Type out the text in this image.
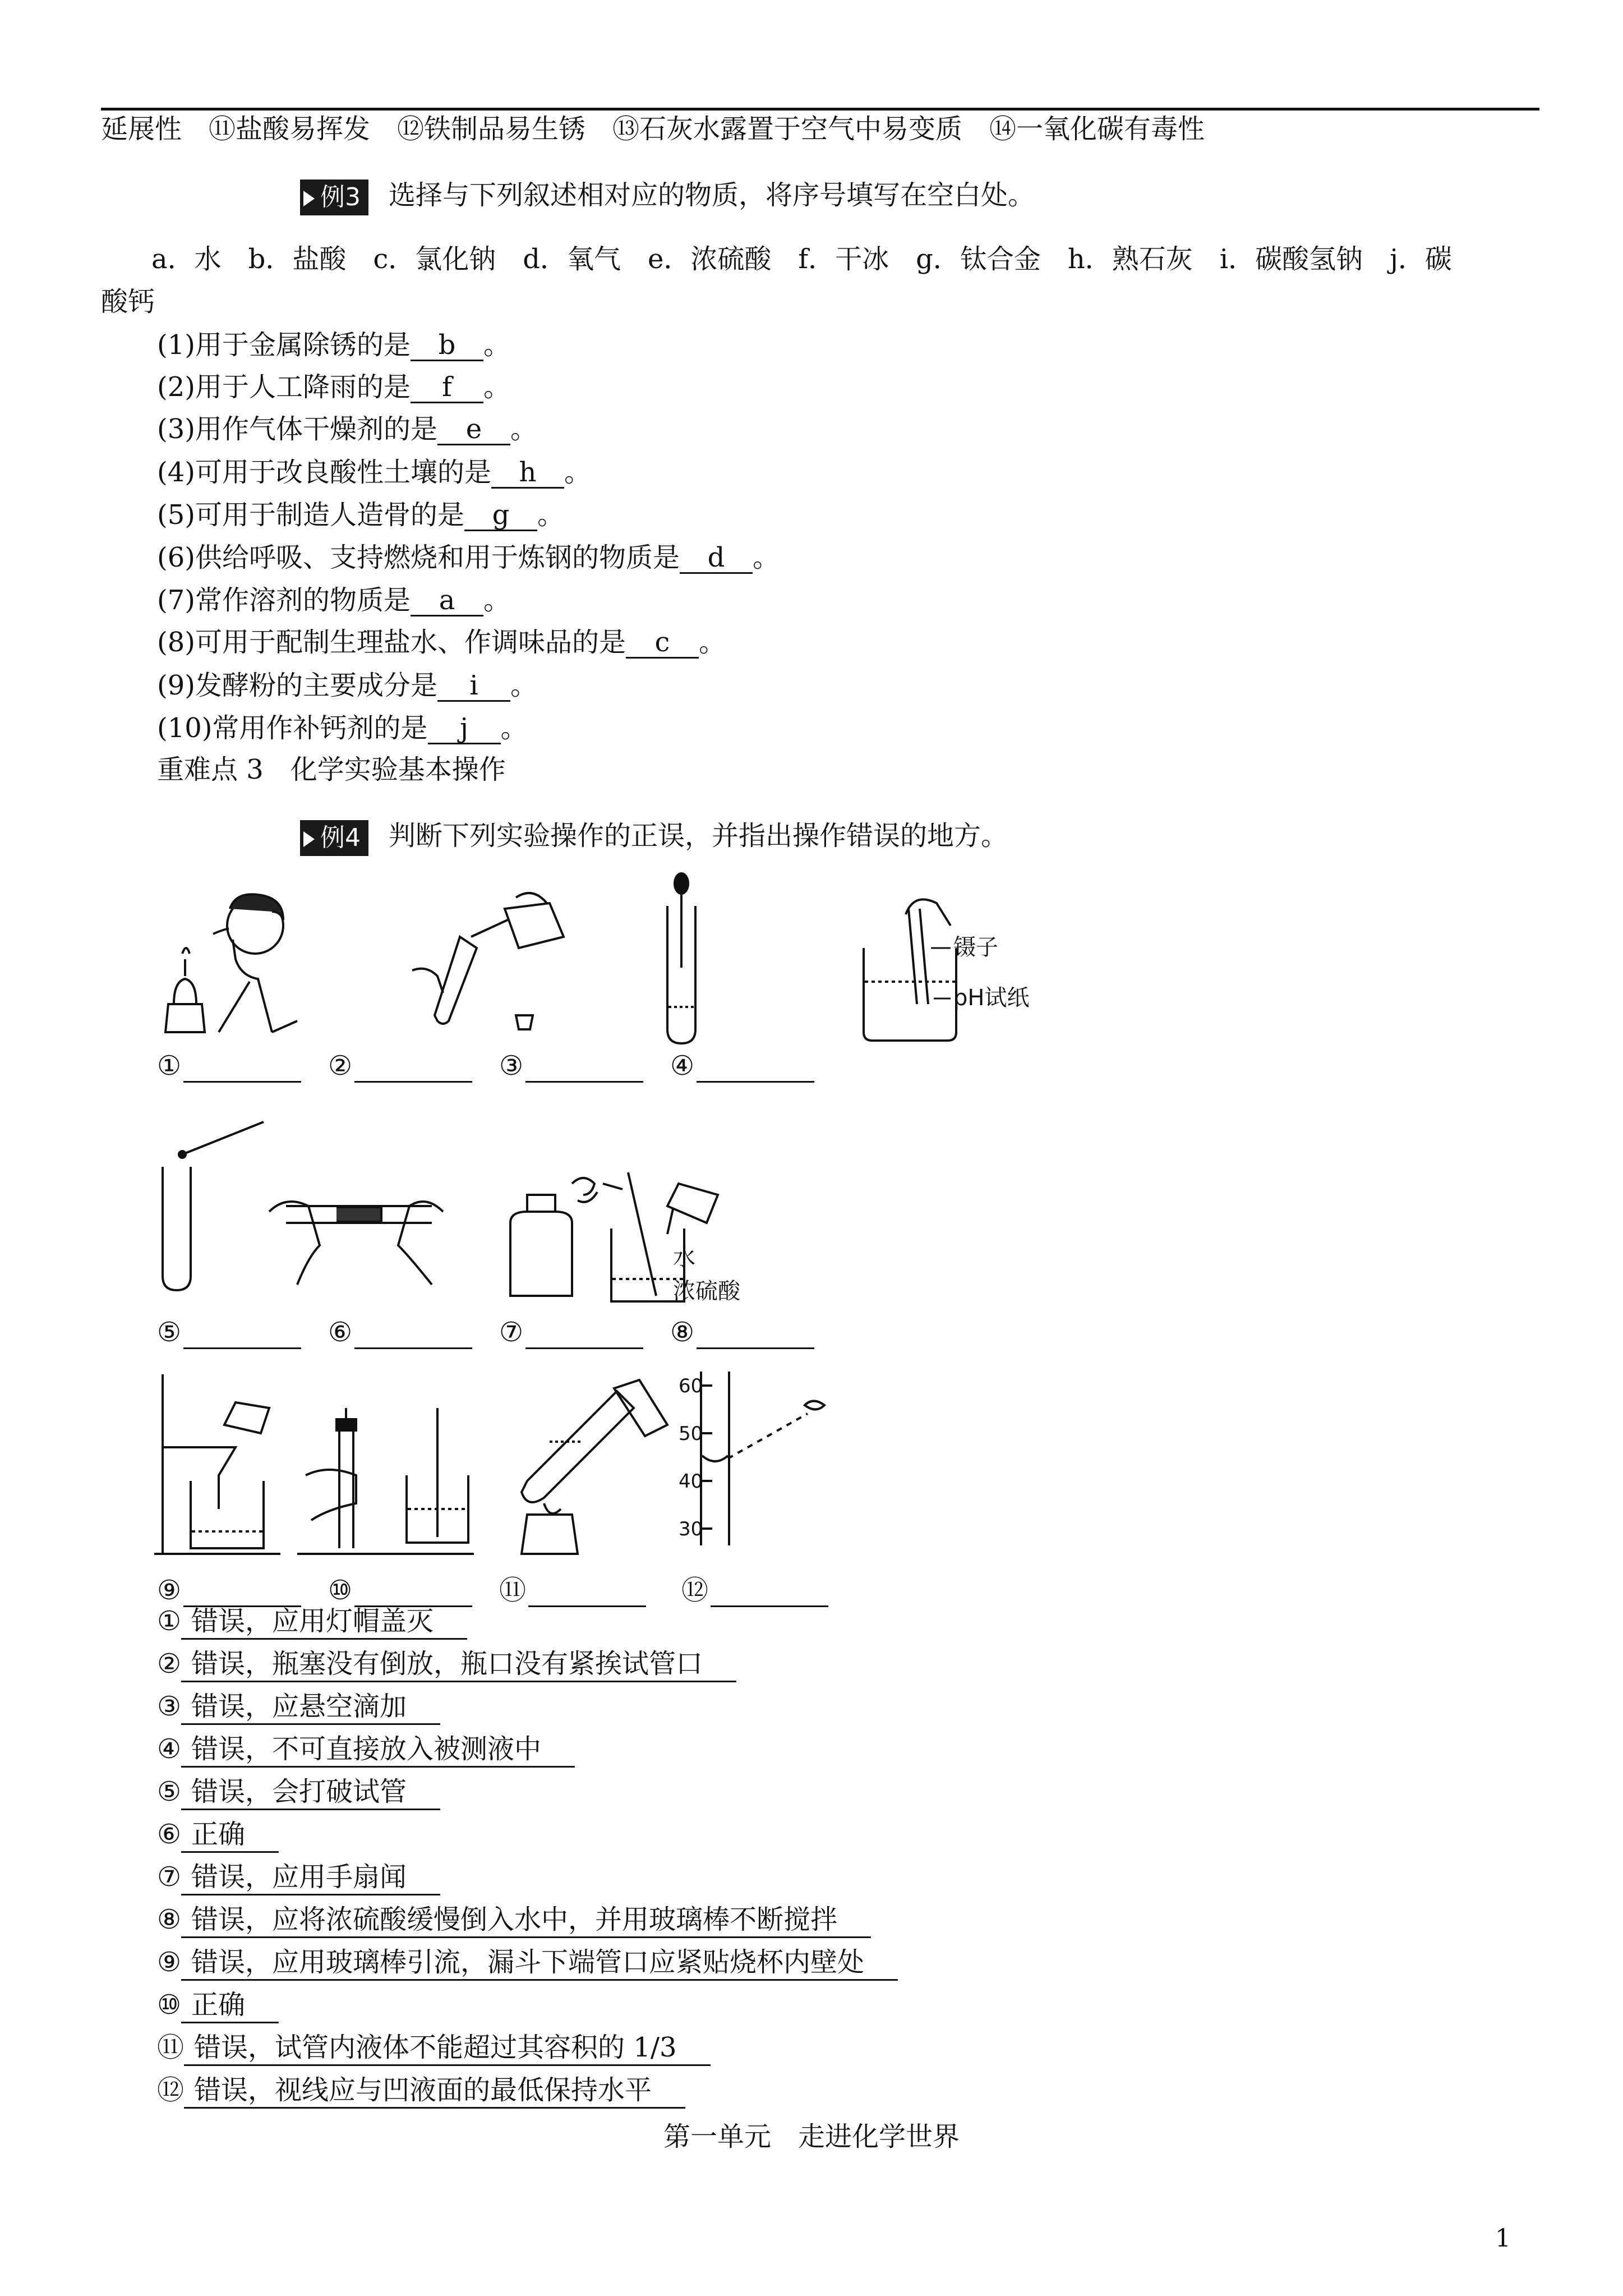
延展性　⑪盐酸易挥发　⑫铁制品易生锈　⑬石灰水露置于空气中易变质　⑭一氧化碳有毒性
例3 选择与下列叙述相对应的物质，将序号填写在空白处。
a．水　b．盐酸　c．氯化钠　d．氧气　e．浓硫酸　f．干冰　g．钛合金　h．熟石灰　i．碳酸氢钠　j．碳
酸钙
(1)用于金属除锈的是 b 。
(2)用于人工降雨的是 f 。
(3)用作气体干燥剂的是 e 。
(4)可用于改良酸性土壤的是 h 。
(5)可用于制造人造骨的是 g 。
(6)供给呼吸、支持燃烧和用于炼钢的物质是 d 。
(7)常作溶剂的物质是 a 。
(8)可用于配制生理盐水、作调味品的是 c 。
(9)发酵粉的主要成分是 i 。
(10)常用作补钙剂的是 j 。
重难点 3　化学实验基本操作
例4 判断下列实验操作的正误，并指出操作错误的地方。
镊子
pH试纸
①	②	③	④
水
浓硫酸
⑤	⑥	⑦	⑧
60
50
40
30
⑨	⑩	⑪	⑫
① 错误，应用灯帽盖灭
② 错误，瓶塞没有倒放，瓶口没有紧挨试管口
③ 错误，应悬空滴加
④ 错误，不可直接放入被测液中
⑤ 错误，会打破试管
⑥ 正确
⑦ 错误，应用手扇闻
⑧ 错误，应将浓硫酸缓慢倒入水中，并用玻璃棒不断搅拌
⑨ 错误，应用玻璃棒引流，漏斗下端管口应紧贴烧杯内壁处
⑩ 正确
⑪ 错误，试管内液体不能超过其容积的 1/3
⑫ 错误，视线应与凹液面的最低保持水平
第一单元　走进化学世界
1
